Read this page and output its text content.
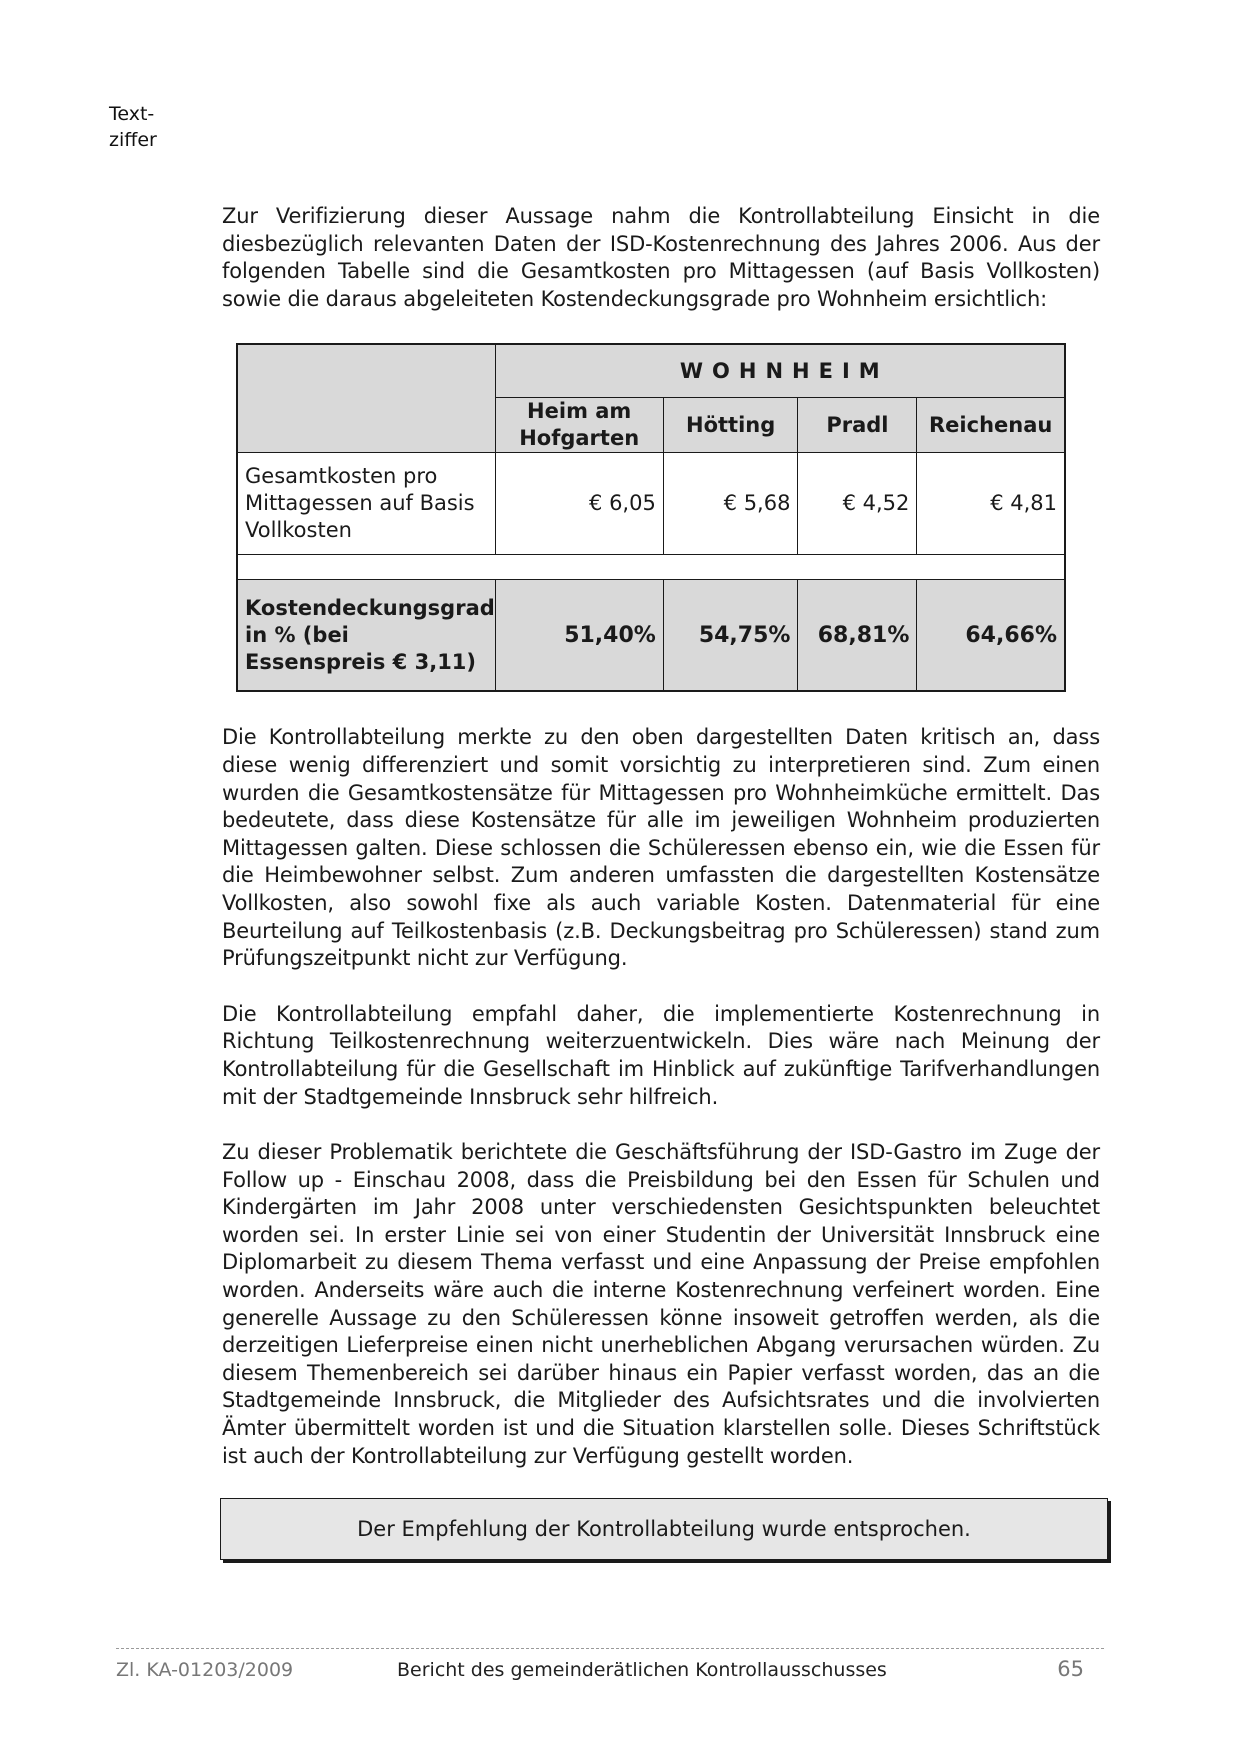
Text-
ziffer

Zur Verifizierung dieser Aussage nahm die Kontrollabteilung Einsicht in die diesbezüglich relevanten Daten der ISD-Kostenrechnung des Jahres 2006. Aus der folgenden Tabelle sind die Gesamtkosten pro Mittagessen (auf Basis Vollkosten) sowie die daraus abgeleiteten Kostendeckungsgrade pro Wohnheim ersichtlich:

	WOHNHEIM			
	Heim am Hofgarten	Hötting	Pradl	Reichenau
Gesamtkosten pro Mittagessen auf Basis Vollkosten	€ 6,05	€ 5,68	€ 4,52	€ 4,81

Kostendeckungsgrad in % (bei Essenspreis € 3,11)	51,40%	54,75%	68,81%	64,66%

Die Kontrollabteilung merkte zu den oben dargestellten Daten kritisch an, dass diese wenig differenziert und somit vorsichtig zu interpretieren sind. Zum einen wurden die Gesamtkostensätze für Mittagessen pro Wohnheimküche ermittelt. Das bedeutete, dass diese Kostensätze für alle im jeweiligen Wohnheim produzierten Mittagessen galten. Diese schlossen die Schüleressen ebenso ein, wie die Essen für die Heimbewohner selbst. Zum anderen umfassten die dargestellten Kostensätze Vollkosten, also sowohl fixe als auch variable Kosten. Datenmaterial für eine Beurteilung auf Teilkostenbasis (z.B. Deckungsbeitrag pro Schüleressen) stand zum Prüfungszeitpunkt nicht zur Verfügung.

Die Kontrollabteilung empfahl daher, die implementierte Kostenrechnung in Richtung Teilkostenrechnung weiterzuentwickeln. Dies wäre nach Meinung der Kontrollabteilung für die Gesellschaft im Hinblick auf zukünftige Tarifverhandlungen mit der Stadtgemeinde Innsbruck sehr hilfreich.

Zu dieser Problematik berichtete die Geschäftsführung der ISD-Gastro im Zuge der Follow up - Einschau 2008, dass die Preisbildung bei den Essen für Schulen und Kindergärten im Jahr 2008 unter verschiedensten Gesichtspunkten beleuchtet worden sei. In erster Linie sei von einer Studentin der Universität Innsbruck eine Diplomarbeit zu diesem Thema verfasst und eine Anpassung der Preise empfohlen worden. Anderseits wäre auch die interne Kostenrechnung verfeinert worden. Eine generelle Aussage zu den Schüleressen könne insoweit getroffen werden, als die derzeitigen Lieferpreise einen nicht unerheblichen Abgang verursachen würden. Zu diesem Themenbereich sei darüber hinaus ein Papier verfasst worden, das an die Stadtgemeinde Innsbruck, die Mitglieder des Aufsichtsrates und die involvierten Ämter übermittelt worden ist und die Situation klarstellen solle. Dieses Schriftstück ist auch der Kontrollabteilung zur Verfügung gestellt worden.

Der Empfehlung der Kontrollabteilung wurde entsprochen.
Zl. KA-01203/2009	Bericht des gemeinderätlichen Kontrollausschusses	65
